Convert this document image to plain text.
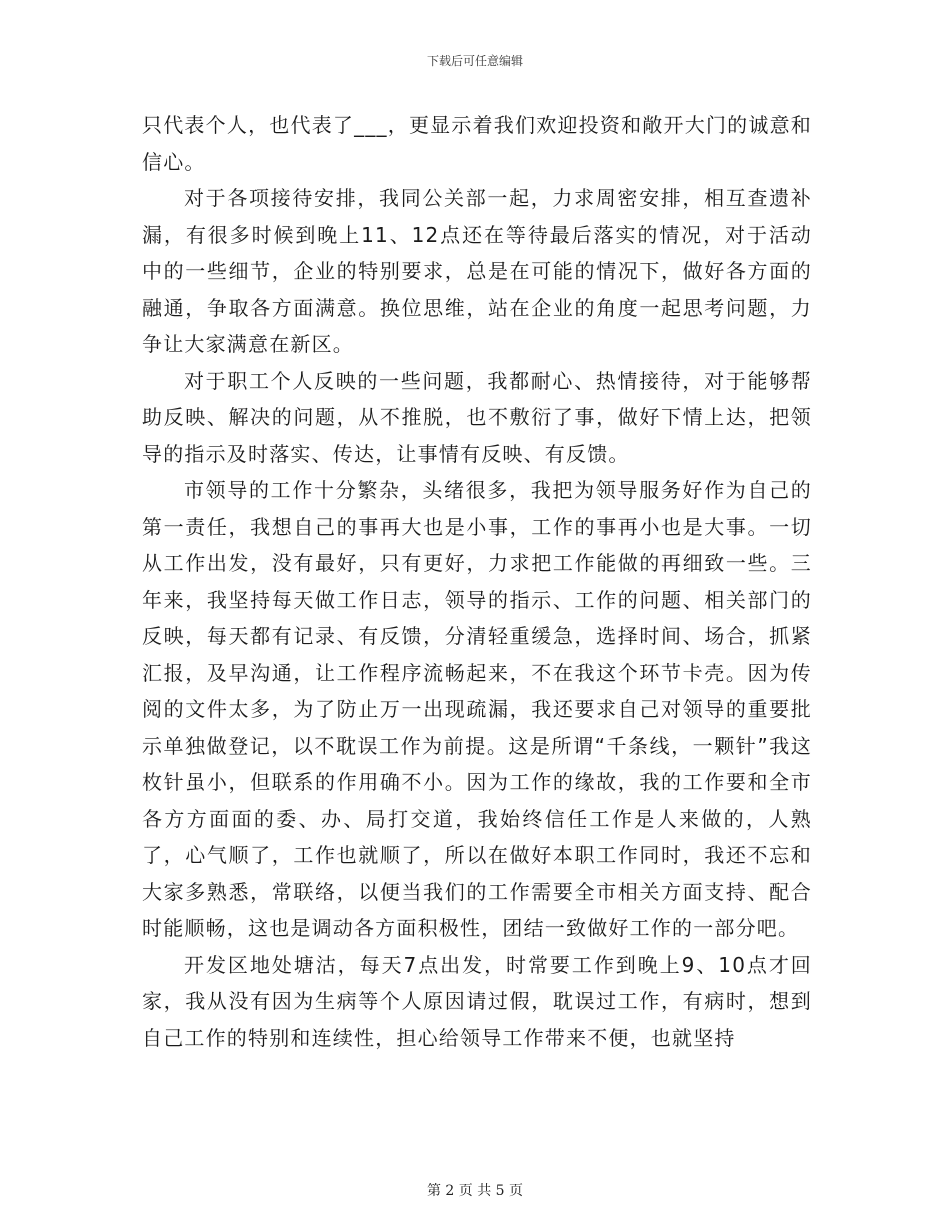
下载后可任意编辑

只代表个人，也代表了___，更显示着我们欢迎投资和敞开大门的诚意和信心。

对于各项接待安排，我同公关部一起，力求周密安排，相互查遗补漏，有很多时候到晚上11、12点还在等待最后落实的情况，对于活动中的一些细节，企业的特别要求，总是在可能的情况下，做好各方面的融通，争取各方面满意。换位思维，站在企业的角度一起思考问题，力争让大家满意在新区。

对于职工个人反映的一些问题，我都耐心、热情接待，对于能够帮助反映、解决的问题，从不推脱，也不敷衍了事，做好下情上达，把领导的指示及时落实、传达，让事情有反映、有反馈。

市领导的工作十分繁杂，头绪很多，我把为领导服务好作为自己的第一责任，我想自己的事再大也是小事，工作的事再小也是大事。一切从工作出发，没有最好，只有更好，力求把工作能做的再细致一些。三年来，我坚持每天做工作日志，领导的指示、工作的问题、相关部门的反映，每天都有记录、有反馈，分清轻重缓急，选择时间、场合，抓紧汇报，及早沟通，让工作程序流畅起来，不在我这个环节卡壳。因为传阅的文件太多，为了防止万一出现疏漏，我还要求自己对领导的重要批示单独做登记，以不耽误工作为前提。这是所谓“千条线，一颗针”我这枚针虽小，但联系的作用确不小。因为工作的缘故，我的工作要和全市各方方面面的委、办、局打交道，我始终信任工作是人来做的，人熟了，心气顺了，工作也就顺了，所以在做好本职工作同时，我还不忘和大家多熟悉，常联络，以便当我们的工作需要全市相关方面支持、配合时能顺畅，这也是调动各方面积极性，团结一致做好工作的一部分吧。

开发区地处塘沽，每天7点出发，时常要工作到晚上9、10点才回家，我从没有因为生病等个人原因请过假，耽误过工作，有病时，想到自己工作的特别和连续性，担心给领导工作带来不便，也就坚持

第 2 页 共 5 页
